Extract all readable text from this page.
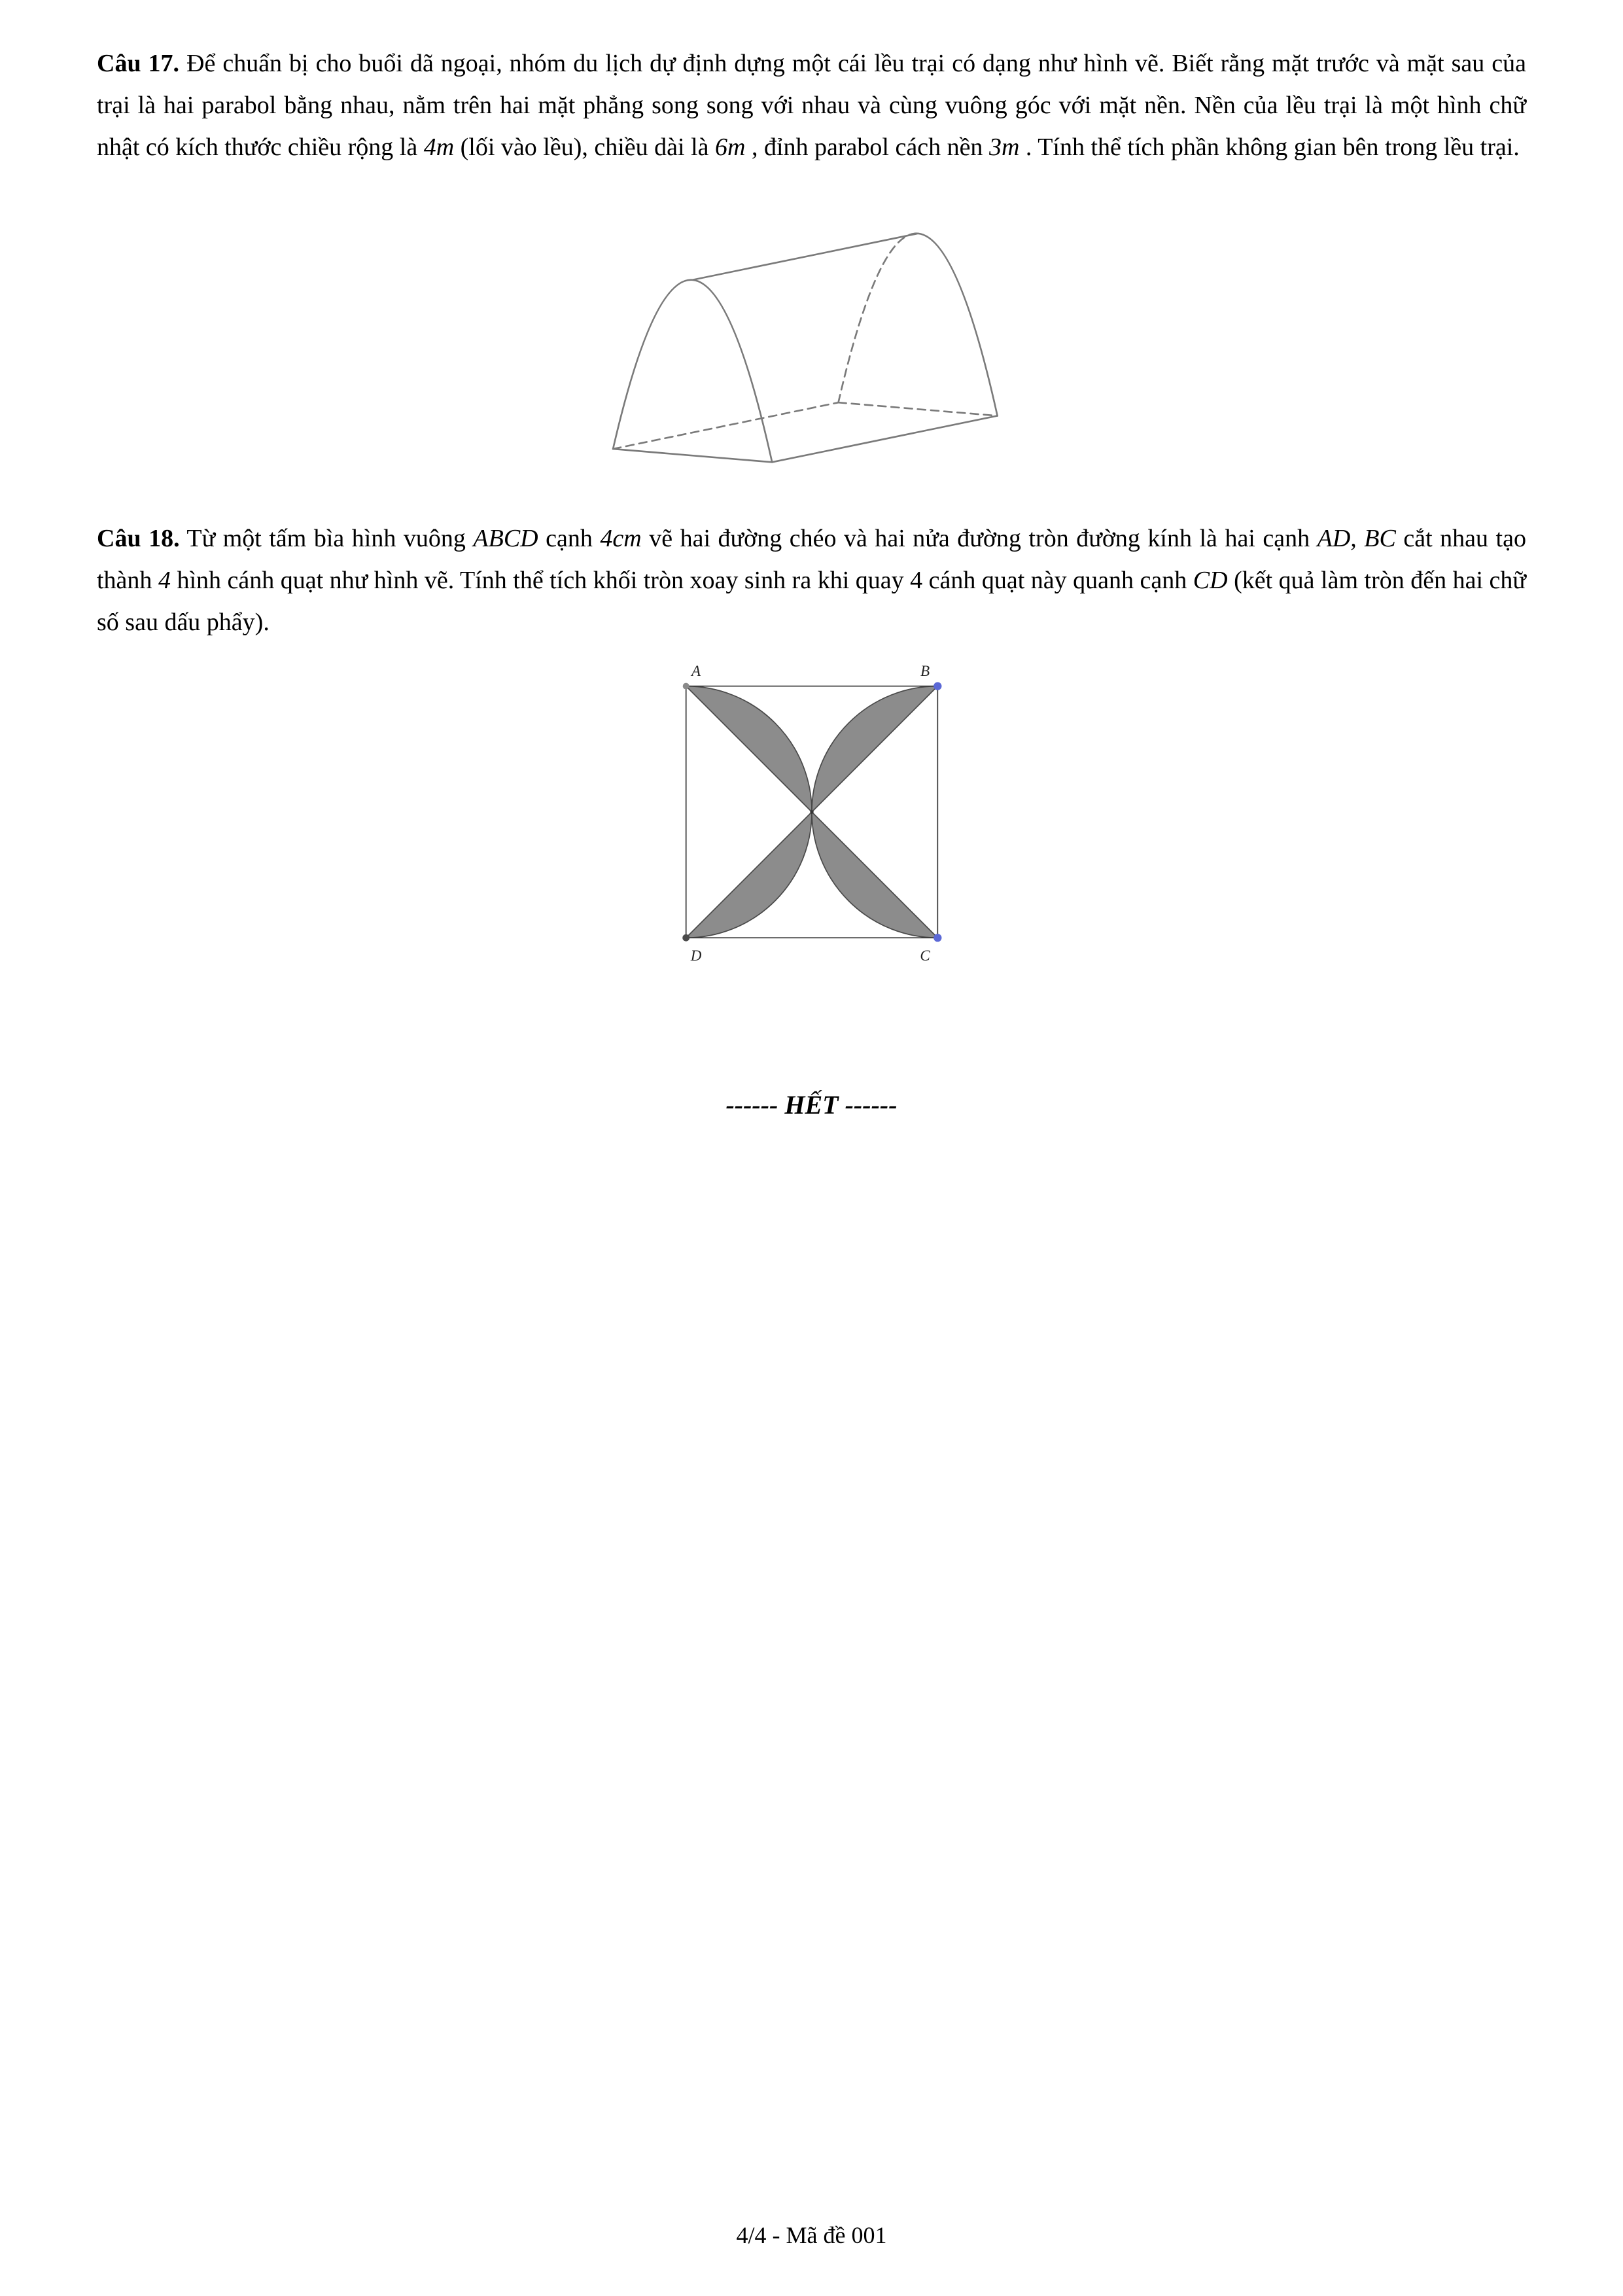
Câu 17. Để chuẩn bị cho buổi dã ngoại, nhóm du lịch dự định dựng một cái lều trại có dạng như hình vẽ. Biết rằng mặt trước và mặt sau của trại là hai parabol bằng nhau, nằm trên hai mặt phẳng song song với nhau và cùng vuông góc với mặt nền. Nền của lều trại là một hình chữ nhật có kích thước chiều rộng là 4m (lối vào lều), chiều dài là 6m , đỉnh parabol cách nền 3m . Tính thể tích phần không gian bên trong lều trại.

Câu 18. Từ một tấm bìa hình vuông ABCD cạnh 4cm vẽ hai đường chéo và hai nửa đường tròn đường kính là hai cạnh AD, BC cắt nhau tạo thành 4 hình cánh quạt như hình vẽ. Tính thể tích khối tròn xoay sinh ra khi quay 4 cánh quạt này quanh cạnh CD (kết quả làm tròn đến hai chữ số sau dấu phẩy).

A	B
D	C
------ HẾT ------
4/4 - Mã đề 001
